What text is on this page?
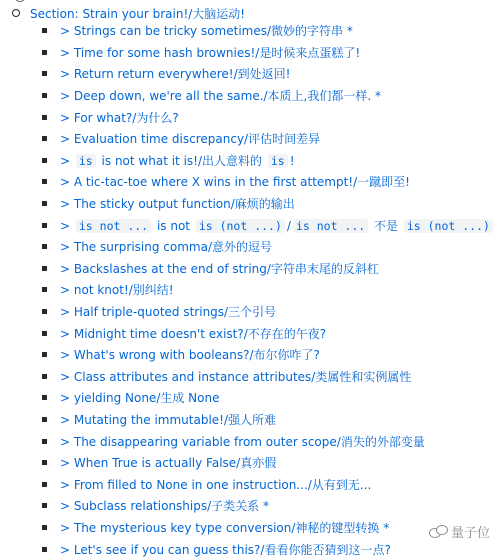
Section: Strain your brain!/大脑运动!
> Strings can be tricky sometimes/微妙的字符串 *
> Time for some hash brownies!/是时候来点蛋糕了!
> Return return everywhere!/到处返回!
> Deep down, we're all the same./本质上,我们都一样. *
> For what?/为什么?
> Evaluation time discrepancy/评估时间差异
> is is not what it is!/出人意料的 is !
> A tic-tac-toe where X wins in the first attempt!/一蹴即至!
> The sticky output function/麻烦的输出
> is not ... is not is (not ...) / is not ... 不是 is (not ...)
> The surprising comma/意外的逗号
> Backslashes at the end of string/字符串末尾的反斜杠
> not knot!/别纠结!
> Half triple-quoted strings/三个引号
> Midnight time doesn't exist?/不存在的午夜?
> What's wrong with booleans?/布尔你咋了?
> Class attributes and instance attributes/类属性和实例属性
> yielding None/生成 None
> Mutating the immutable!/强人所难
> The disappearing variable from outer scope/消失的外部变量
> When True is actually False/真亦假
> From filled to None in one instruction.../从有到无...
> Subclass relationships/子类关系 *
> The mysterious key type conversion/神秘的键型转换 *
> Let's see if you can guess this?/看看你能否猜到这一点?
量子位
